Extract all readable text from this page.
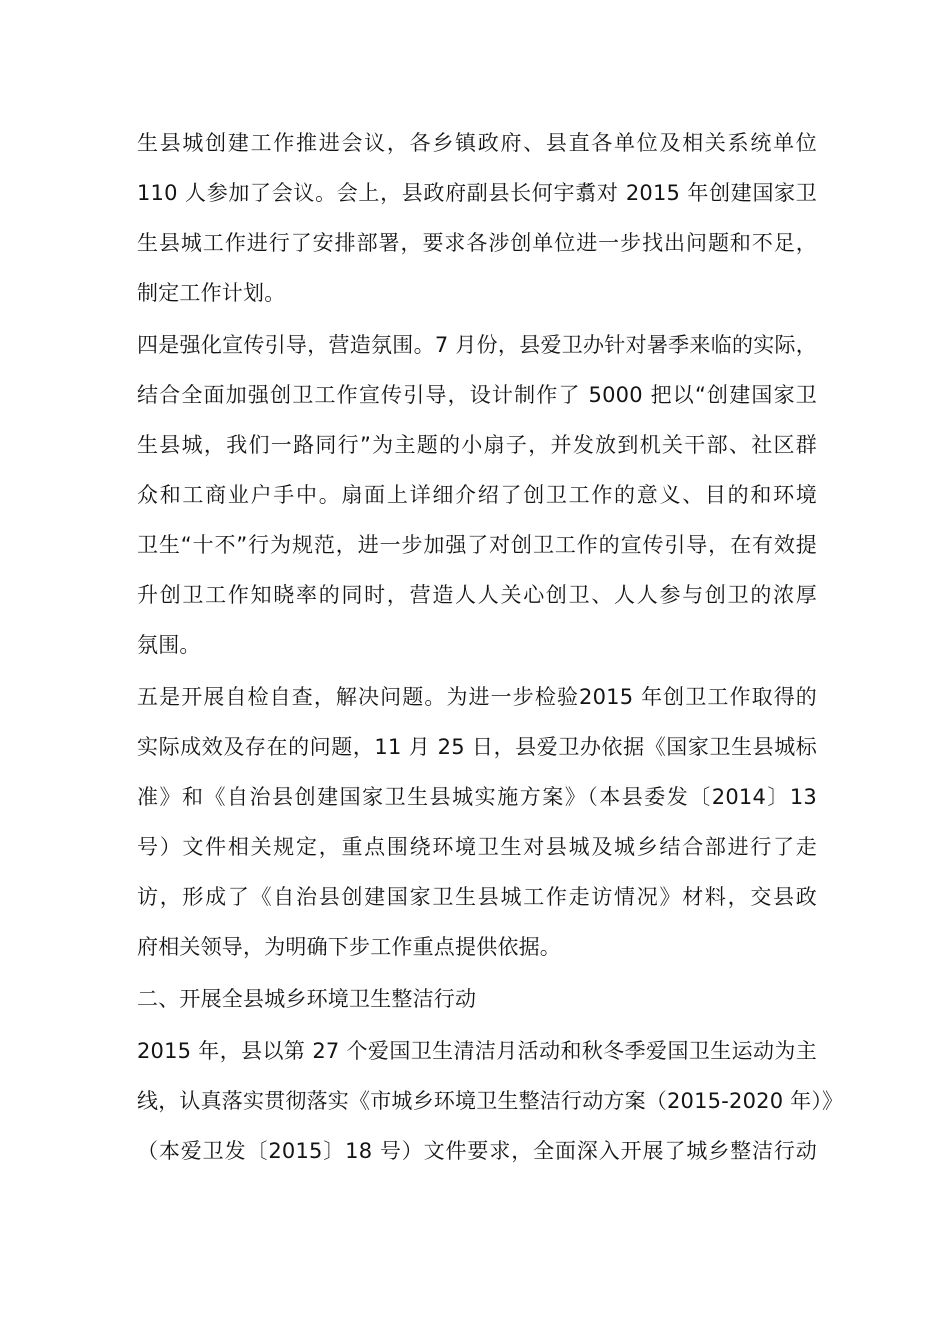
生县城创建工作推进会议，各乡镇政府、县直各单位及相关系统单位
110 人参加了会议。会上，县政府副县长何宇翥对 2015 年创建国家卫
生县城工作进行了安排部署，要求各涉创单位进一步找出问题和不足，
制定工作计划。
四是强化宣传引导，营造氛围。7 月份，县爱卫办针对暑季来临的实际，
结合全面加强创卫工作宣传引导，设计制作了 5000 把以“创建国家卫
生县城，我们一路同行”为主题的小扇子，并发放到机关干部、社区群
众和工商业户手中。扇面上详细介绍了创卫工作的意义、目的和环境
卫生“十不”行为规范，进一步加强了对创卫工作的宣传引导，在有效提
升创卫工作知晓率的同时，营造人人关心创卫、人人参与创卫的浓厚
氛围。
五是开展自检自查，解决问题。为进一步检验2015 年创卫工作取得的
实际成效及存在的问题，11 月 25 日，县爱卫办依据《国家卫生县城标
准》和《自治县创建国家卫生县城实施方案》（本县委发〔2014〕13
号）文件相关规定，重点围绕环境卫生对县城及城乡结合部进行了走
访，形成了《自治县创建国家卫生县城工作走访情况》材料，交县政
府相关领导，为明确下步工作重点提供依据。
二、开展全县城乡环境卫生整洁行动
2015 年，县以第 27 个爱国卫生清洁月活动和秋冬季爱国卫生运动为主
线，认真落实贯彻落实《市城乡环境卫生整洁行动方案（2015-2020 年）》
（本爱卫发〔2015〕18 号）文件要求，全面深入开展了城乡整洁行动
